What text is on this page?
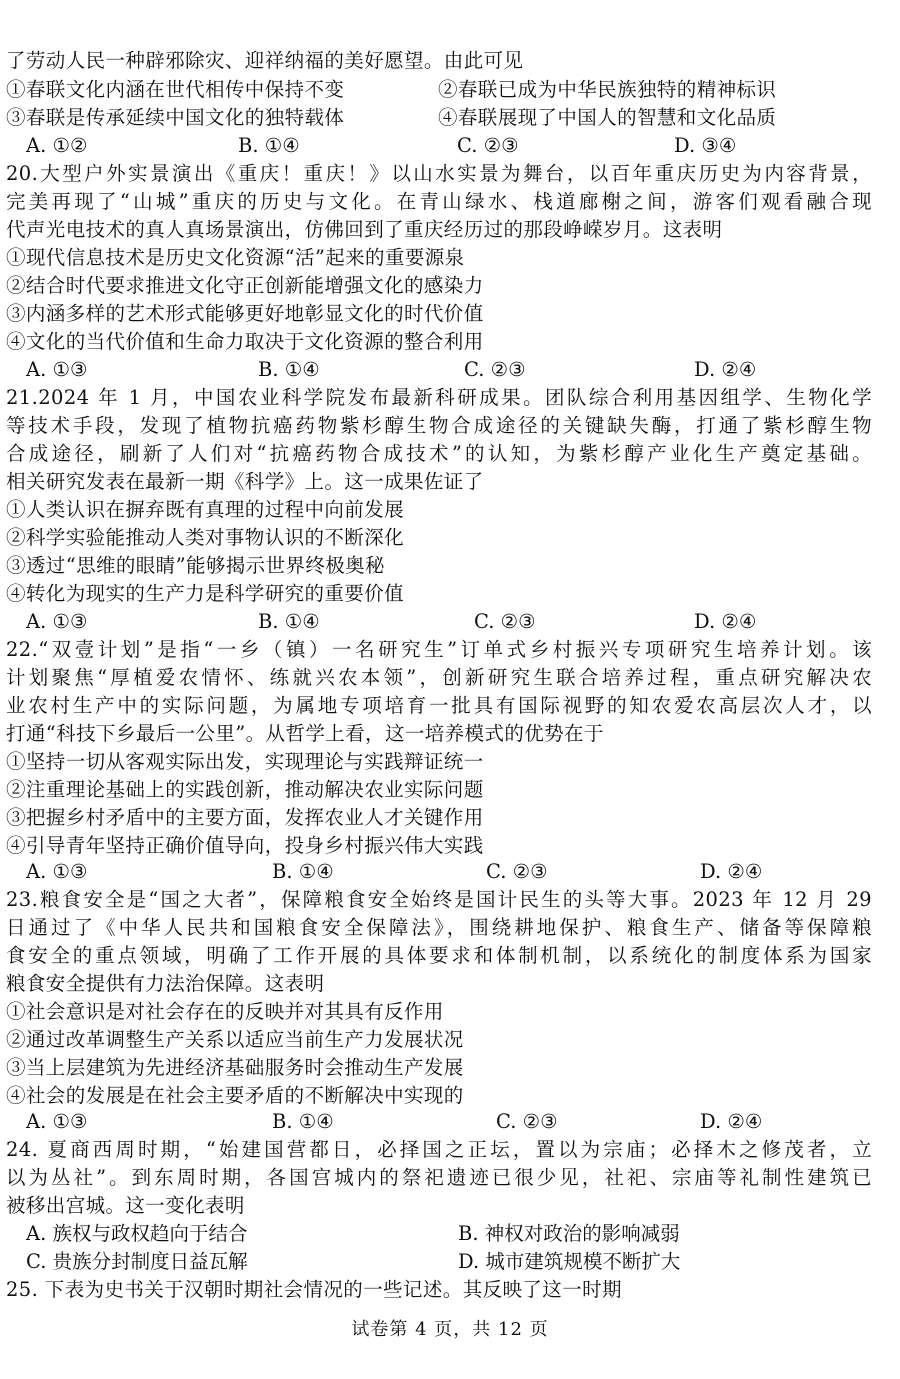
了劳动人民一种辟邪除灾、迎祥纳福的美好愿望。由此可见
①春联文化内涵在世代相传中保持不变	②春联已成为中华民族独特的精神标识
③春联是传承延续中国文化的独特载体	④春联展现了中国人的智慧和文化品质
A. ①②	B. ①④	C. ②③	D. ③④
20.大型户外实景演出《重庆！重庆！》以山水实景为舞台，以百年重庆历史为内容背景，
完美再现了“山城”重庆的历史与文化。在青山绿水、栈道廊榭之间，游客们观看融合现
代声光电技术的真人真场景演出，仿佛回到了重庆经历过的那段峥嵘岁月。这表明
①现代信息技术是历史文化资源“活”起来的重要源泉
②结合时代要求推进文化守正创新能增强文化的感染力
③内涵多样的艺术形式能够更好地彰显文化的时代价值
④文化的当代价值和生命力取决于文化资源的整合利用
A. ①③	B. ①④	C. ②③	D. ②④
21.2024 年 1 月，中国农业科学院发布最新科研成果。团队综合利用基因组学、生物化学
等技术手段，发现了植物抗癌药物紫杉醇生物合成途径的关键缺失酶，打通了紫杉醇生物
合成途径，刷新了人们对“抗癌药物合成技术”的认知，为紫杉醇产业化生产奠定基础。
相关研究发表在最新一期《科学》上。这一成果佐证了
①人类认识在摒弃既有真理的过程中向前发展
②科学实验能推动人类对事物认识的不断深化
③透过“思维的眼睛”能够揭示世界终极奥秘
④转化为现实的生产力是科学研究的重要价值
A. ①③	B. ①④	C. ②③	D. ②④
22.“双壹计划”是指“一乡（镇）一名研究生”订单式乡村振兴专项研究生培养计划。该
计划聚焦“厚植爱农情怀、练就兴农本领”，创新研究生联合培养过程，重点研究解决农
业农村生产中的实际问题，为属地专项培育一批具有国际视野的知农爱农高层次人才，以
打通“科技下乡最后一公里”。从哲学上看，这一培养模式的优势在于
①坚持一切从客观实际出发，实现理论与实践辩证统一
②注重理论基础上的实践创新，推动解决农业实际问题
③把握乡村矛盾中的主要方面，发挥农业人才关键作用
④引导青年坚持正确价值导向，投身乡村振兴伟大实践
A. ①③	B. ①④	C. ②③	D. ②④
23.粮食安全是“国之大者”，保障粮食安全始终是国计民生的头等大事。2023 年 12 月 29
日通过了《中华人民共和国粮食安全保障法》，围绕耕地保护、粮食生产、储备等保障粮
食安全的重点领域，明确了工作开展的具体要求和体制机制，以系统化的制度体系为国家
粮食安全提供有力法治保障。这表明
①社会意识是对社会存在的反映并对其具有反作用
②通过改革调整生产关系以适应当前生产力发展状况
③当上层建筑为先进经济基础服务时会推动生产发展
④社会的发展是在社会主要矛盾的不断解决中实现的
A. ①③	B. ①④	C. ②③	D. ②④
24. 夏商西周时期，“始建国营都日，必择国之正坛，置以为宗庙；必择木之修茂者，立
以为丛社”。到东周时期，各国宫城内的祭祀遗迹已很少见，社祀、宗庙等礼制性建筑已
被移出宫城。这一变化表明
A. 族权与政权趋向于结合	B. 神权对政治的影响减弱
C. 贵族分封制度日益瓦解	D. 城市建筑规模不断扩大
25. 下表为史书关于汉朝时期社会情况的一些记述。其反映了这一时期
试卷第 4 页，共 12 页
